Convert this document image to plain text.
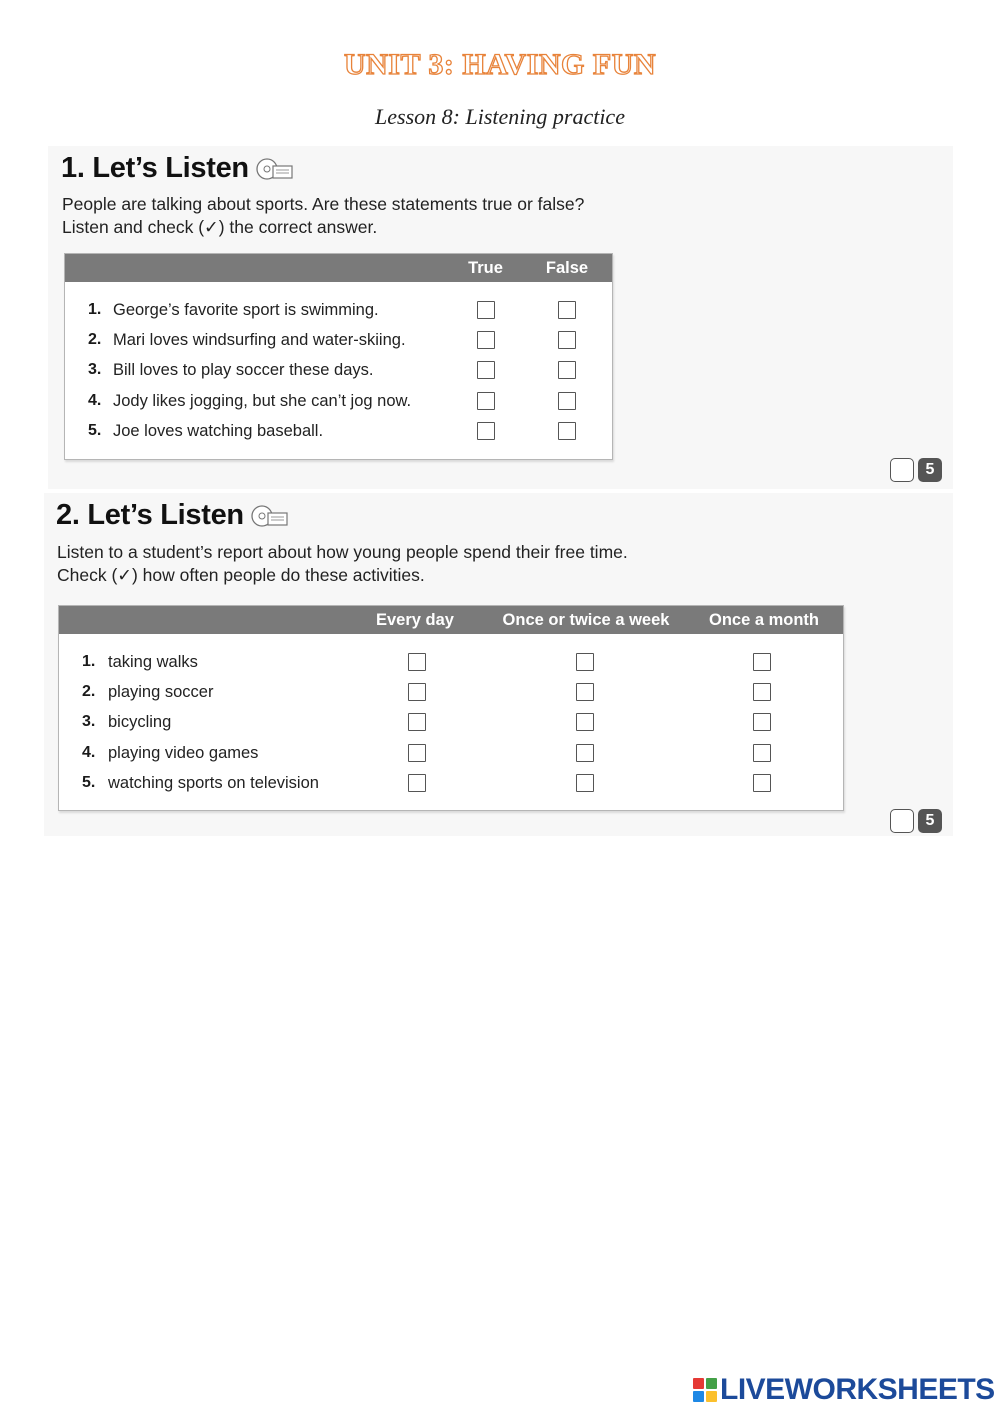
UNIT 3: HAVING FUN
Lesson 8: Listening practice
1. Let’s Listen
People are talking about sports. Are these statements true or false?
Listen and check (✓) the correct answer.
True	False
1. George’s favorite sport is swimming.
2. Mari loves windsurfing and water-skiing.
3. Bill loves to play soccer these days.
4. Jody likes jogging, but she can’t jog now.
5. Joe loves watching baseball.
5
2. Let’s Listen
Listen to a student’s report about how young people spend their free time.
Check (✓) how often people do these activities.
Every day	Once or twice a week	Once a month
1. taking walks
2. playing soccer
3. bicycling
4. playing video games
5. watching sports on television
5
LIVEWORKSHEETS
